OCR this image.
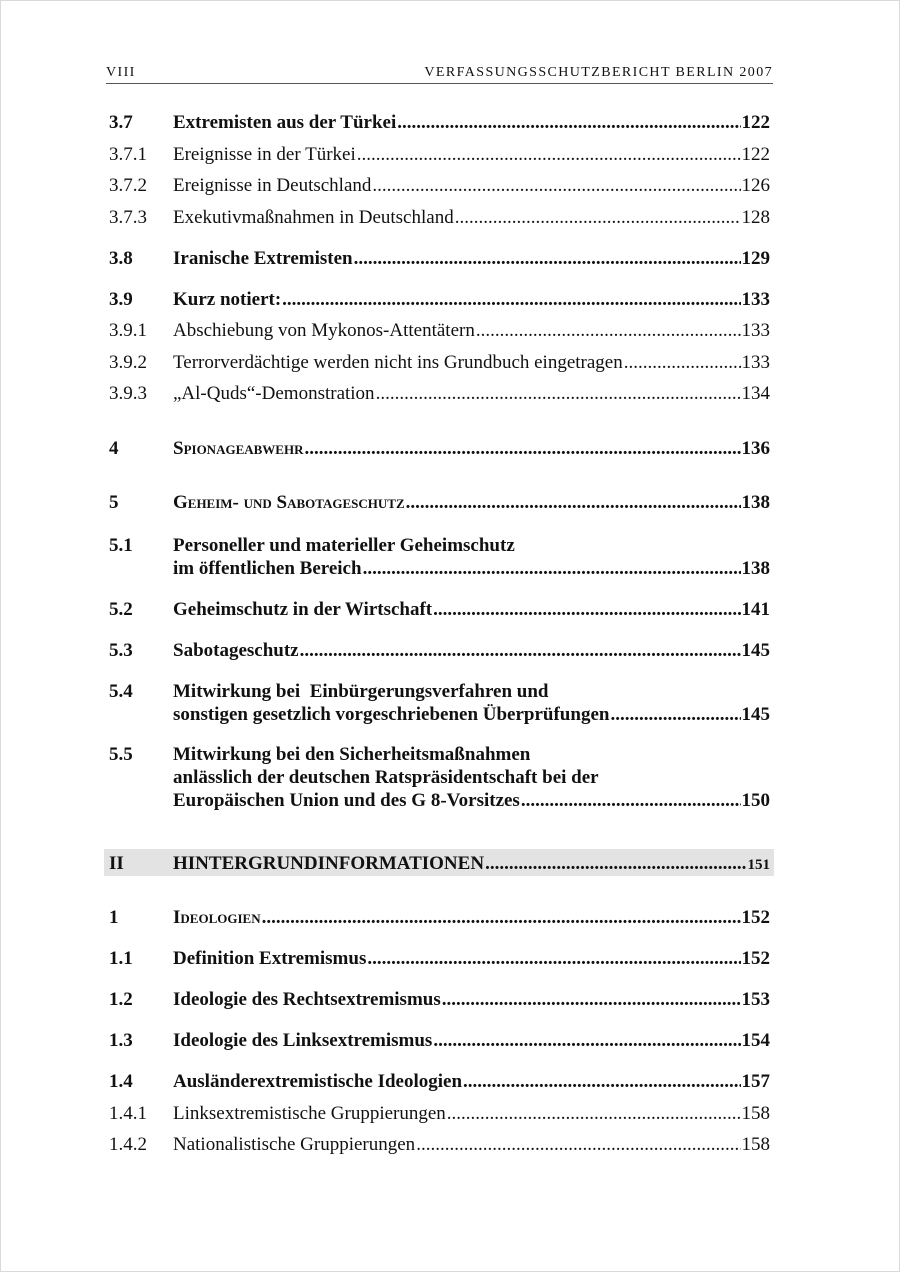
VIII	VERFASSUNGSSCHUTZBERICHT BERLIN 2007
3.7 Extremisten aus der Türkei .....	122
3.7.1 Ereignisse in der Türkei .....	122
3.7.2 Ereignisse in Deutschland .....	126
3.7.3 Exekutivmaßnahmen in Deutschland .....	128
3.8 Iranische Extremisten .....	129
3.9 Kurz notiert: .....	133
3.9.1 Abschiebung von Mykonos-Attentätern .....	133
3.9.2 Terrorverdächtige werden nicht ins Grundbuch eingetragen .....	133
3.9.3 „Al-Quds“-Demonstration .....	134
4	Spionageabwehr .....	136
5	Geheim- und Sabotageschutz .....	138
5.1 Personeller und materieller Geheimschutz
im öffentlichen Bereich .....	138
5.2 Geheimschutz in der Wirtschaft .....	141
5.3 Sabotageschutz .....	145
5.4 Mitwirkung bei  Einbürgerungsverfahren und
sonstigen gesetzlich vorgeschriebenen Überprüfungen .....	145
5.5 Mitwirkung bei den Sicherheitsmaßnahmen
anlässlich der deutschen Ratspräsidentschaft bei der
Europäischen Union und des G 8-Vorsitzes .....	150
II	HINTERGRUNDINFORMATIONEN .....	151
1	Ideologien .....	152
1.1 Definition Extremismus .....	152
1.2 Ideologie des Rechtsextremismus .....	153
1.3 Ideologie des Linksextremismus .....	154
1.4 Ausländerextremistische Ideologien .....	157
1.4.1 Linksextremistische Gruppierungen .....	158
1.4.2 Nationalistische Gruppierungen .....	158
